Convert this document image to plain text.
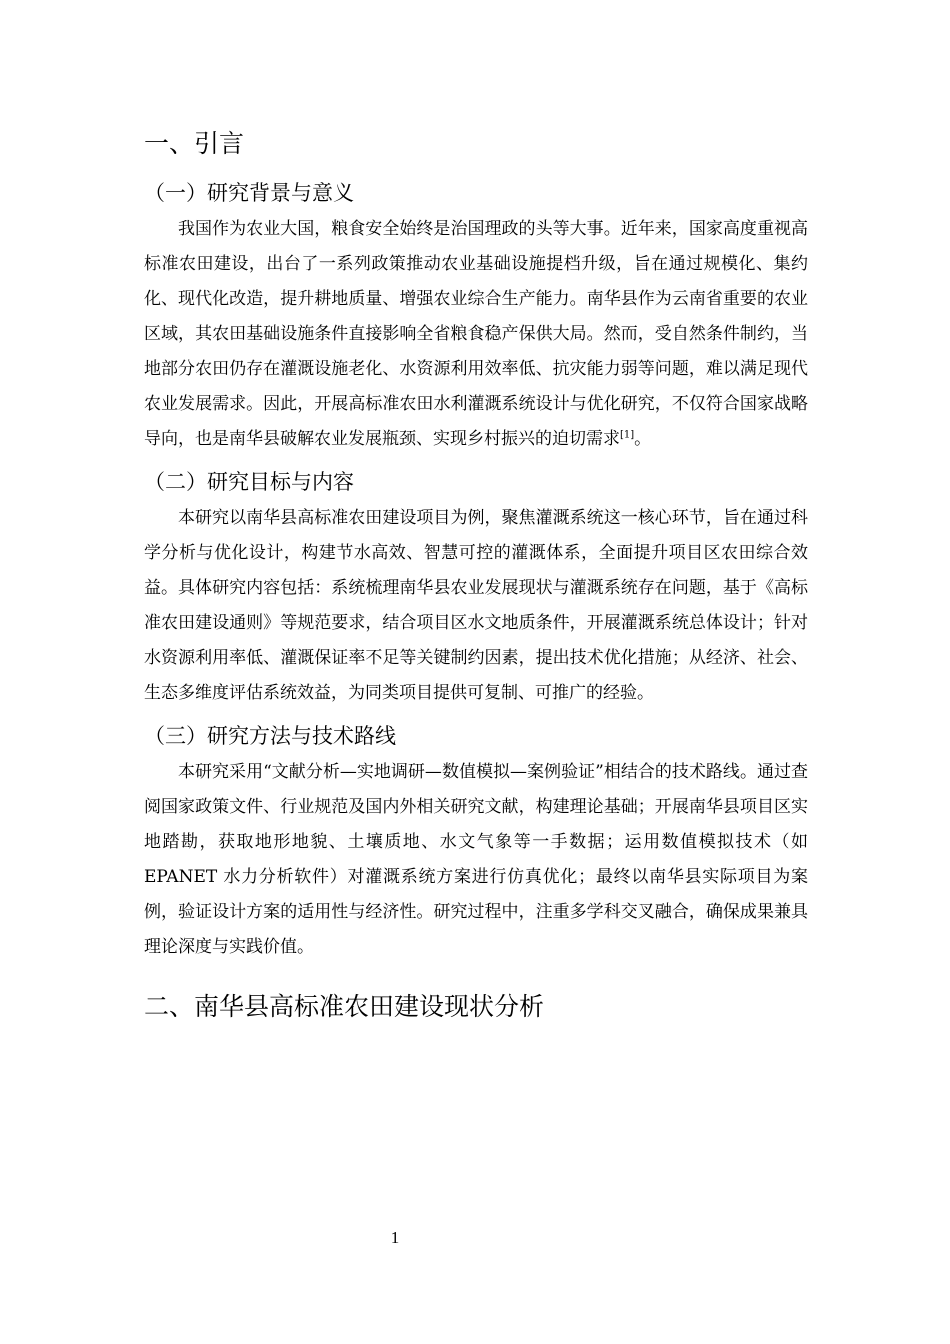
一、引言
（一）研究背景与意义

我国作为农业大国，粮食安全始终是治国理政的头等大事。近年来，国家高度重视高标准农田建设，出台了一系列政策推动农业基础设施提档升级，旨在通过规模化、集约化、现代化改造，提升耕地质量、增强农业综合生产能力。南华县作为云南省重要的农业区域，其农田基础设施条件直接影响全省粮食稳产保供大局。然而，受自然条件制约，当地部分农田仍存在灌溉设施老化、水资源利用效率低、抗灾能力弱等问题，难以满足现代农业发展需求。因此，开展高标准农田水利灌溉系统设计与优化研究，不仅符合国家战略导向，也是南华县破解农业发展瓶颈、实现乡村振兴的迫切需求[1]。

（二）研究目标与内容

本研究以南华县高标准农田建设项目为例，聚焦灌溉系统这一核心环节，旨在通过科学分析与优化设计，构建节水高效、智慧可控的灌溉体系，全面提升项目区农田综合效益。具体研究内容包括：系统梳理南华县农业发展现状与灌溉系统存在问题，基于《高标准农田建设通则》等规范要求，结合项目区水文地质条件，开展灌溉系统总体设计；针对水资源利用率低、灌溉保证率不足等关键制约因素，提出技术优化措施；从经济、社会、生态多维度评估系统效益，为同类项目提供可复制、可推广的经验。

（三）研究方法与技术路线

本研究采用“文献分析—实地调研—数值模拟—案例验证”相结合的技术路线。通过查阅国家政策文件、行业规范及国内外相关研究文献，构建理论基础；开展南华县项目区实地踏勘，获取地形地貌、土壤质地、水文气象等一手数据；运用数值模拟技术（如 EPANET 水力分析软件）对灌溉系统方案进行仿真优化；最终以南华县实际项目为案例，验证设计方案的适用性与经济性。研究过程中，注重多学科交叉融合，确保成果兼具理论深度与实践价值。

二、南华县高标准农田建设现状分析
1
